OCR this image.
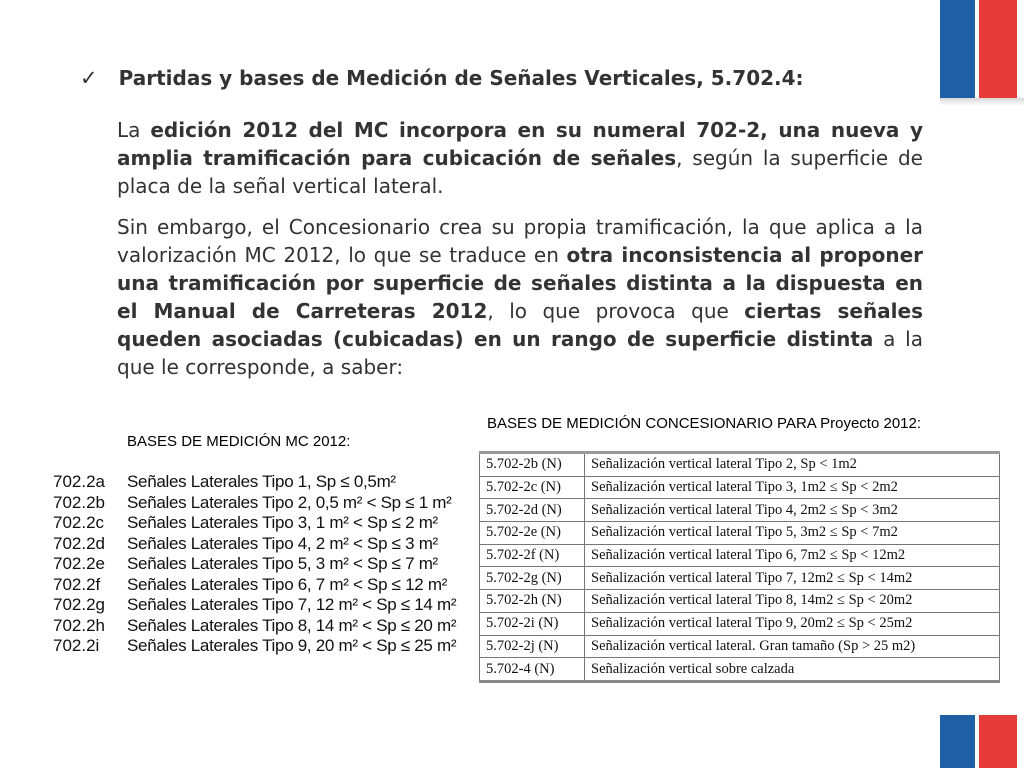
✓ Partidas y bases de Medición de Señales Verticales, 5.702.4:
La edición 2012 del MC incorpora en su numeral 702-2, una nueva y amplia tramificación para cubicación de señales, según la superficie de placa de la señal vertical lateral.
Sin embargo, el Concesionario crea su propia tramificación, la que aplica a la valorización MC 2012, lo que se traduce en otra inconsistencia al proponer una tramificación por superficie de señales distinta a la dispuesta en el Manual de Carreteras 2012, lo que provoca que ciertas señales queden asociadas (cubicadas) en un rango de superficie distinta a la que le corresponde, a saber:
BASES DE MEDICIÓN MC 2012:
BASES DE MEDICIÓN CONCESIONARIO PARA Proyecto 2012:
702.2a	Señales Laterales Tipo 1, Sp ≤ 0,5m²
702.2b	Señales Laterales Tipo 2, 0,5 m² < Sp ≤ 1 m²
702.2c	Señales Laterales Tipo 3, 1 m² < Sp ≤ 2 m²
702.2d	Señales Laterales Tipo 4, 2 m² < Sp ≤ 3 m²
702.2e	Señales Laterales Tipo 5, 3 m² < Sp ≤ 7 m²
702.2f	Señales Laterales Tipo 6, 7 m² < Sp ≤ 12 m²
702.2g	Señales Laterales Tipo 7, 12 m² < Sp ≤ 14 m²
702.2h	Señales Laterales Tipo 8, 14 m² < Sp ≤ 20 m²
702.2i	Señales Laterales Tipo 9, 20 m² < Sp ≤ 25 m²
5.702-2b (N)	Señalización vertical lateral Tipo 2, Sp < 1m2
5.702-2c (N)	Señalización vertical lateral Tipo 3, 1m2 ≤ Sp < 2m2
5.702-2d (N)	Señalización vertical lateral Tipo 4, 2m2 ≤ Sp < 3m2
5.702-2e (N)	Señalización vertical lateral Tipo 5, 3m2 ≤ Sp < 7m2
5.702-2f (N)	Señalización vertical lateral Tipo 6, 7m2 ≤ Sp < 12m2
5.702-2g (N)	Señalización vertical lateral Tipo 7, 12m2 ≤ Sp < 14m2
5.702-2h (N)	Señalización vertical lateral Tipo 8, 14m2 ≤ Sp < 20m2
5.702-2i (N)	Señalización vertical lateral Tipo 9, 20m2 ≤ Sp < 25m2
5.702-2j (N)	Señalización vertical lateral. Gran tamaño (Sp > 25 m2)
5.702-4 (N)	Señalización vertical sobre calzada
